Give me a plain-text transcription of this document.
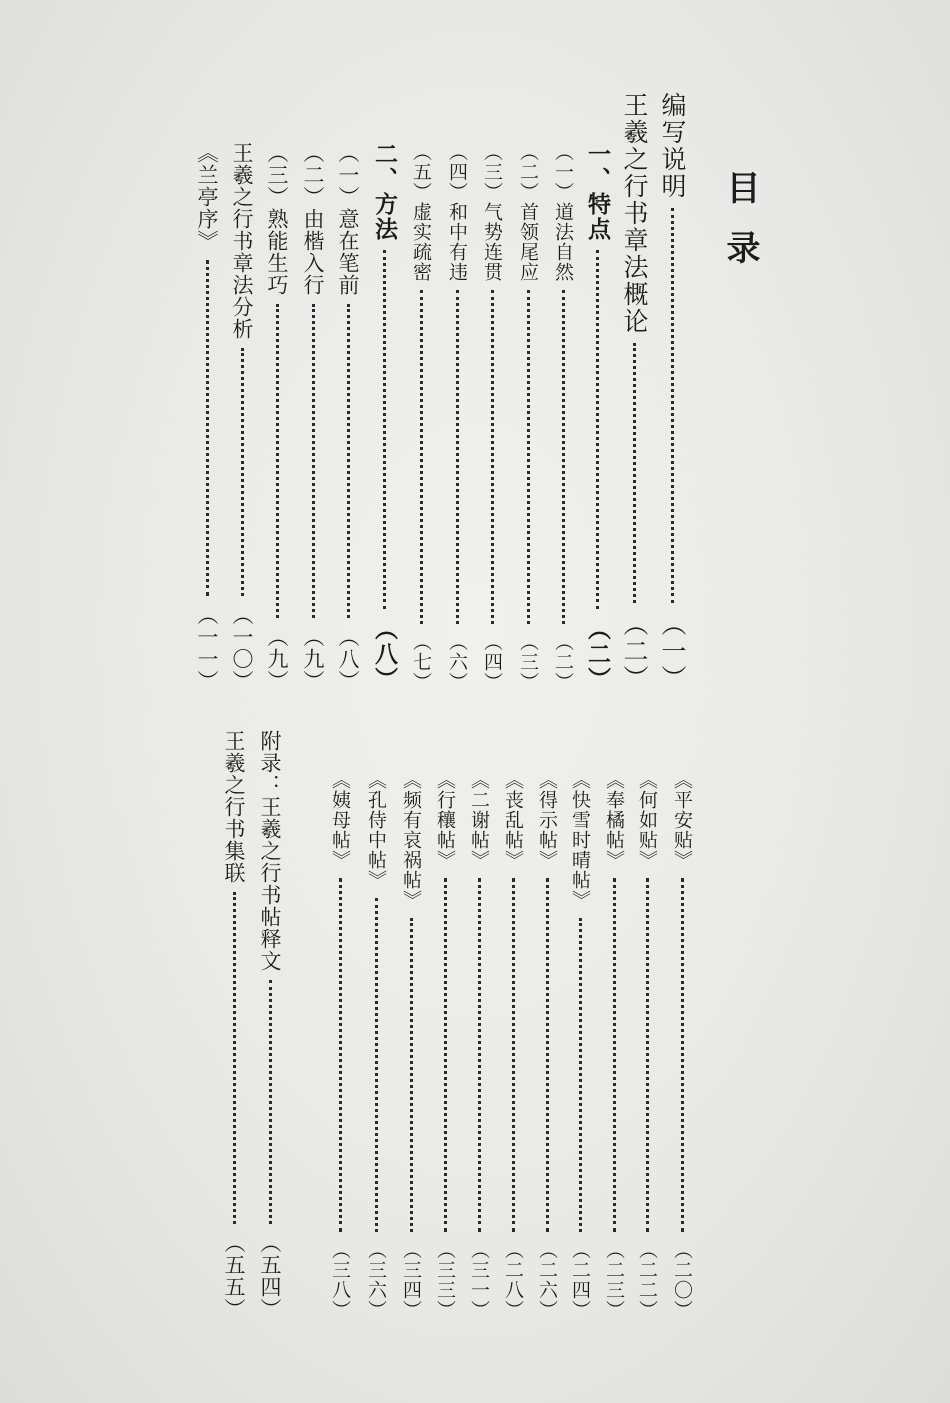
目录
编写说明
（一）
王羲之行书章法概论
（二）
一、特点
（二）
（一）道法自然
（二）
（二）首领尾应
（三）
（三）气势连贯
（四）
（四）和中有违
（六）
（五）虚实疏密
（七）
二、方法
（八）
（一）意在笔前
（八）
（二）由楷入行
（九）
（三）熟能生巧
（九）
王羲之行书章法分析
（一〇）
《兰亭序》
（一一）
《平安贴》
（二〇）
《何如贴》
（二二）
《奉橘帖》
（二三）
《快雪时晴帖》
（二四）
《得示帖》
（二六）
《丧乱帖》
（二八）
《二谢帖》
（三一）
《行穰帖》
（三三）
《频有哀祸帖》
（三四）
《孔侍中帖》
（三六）
《姨母帖》
（三八）
附录：王羲之行书帖释文
（五四）
王羲之行书集联
（五五）
